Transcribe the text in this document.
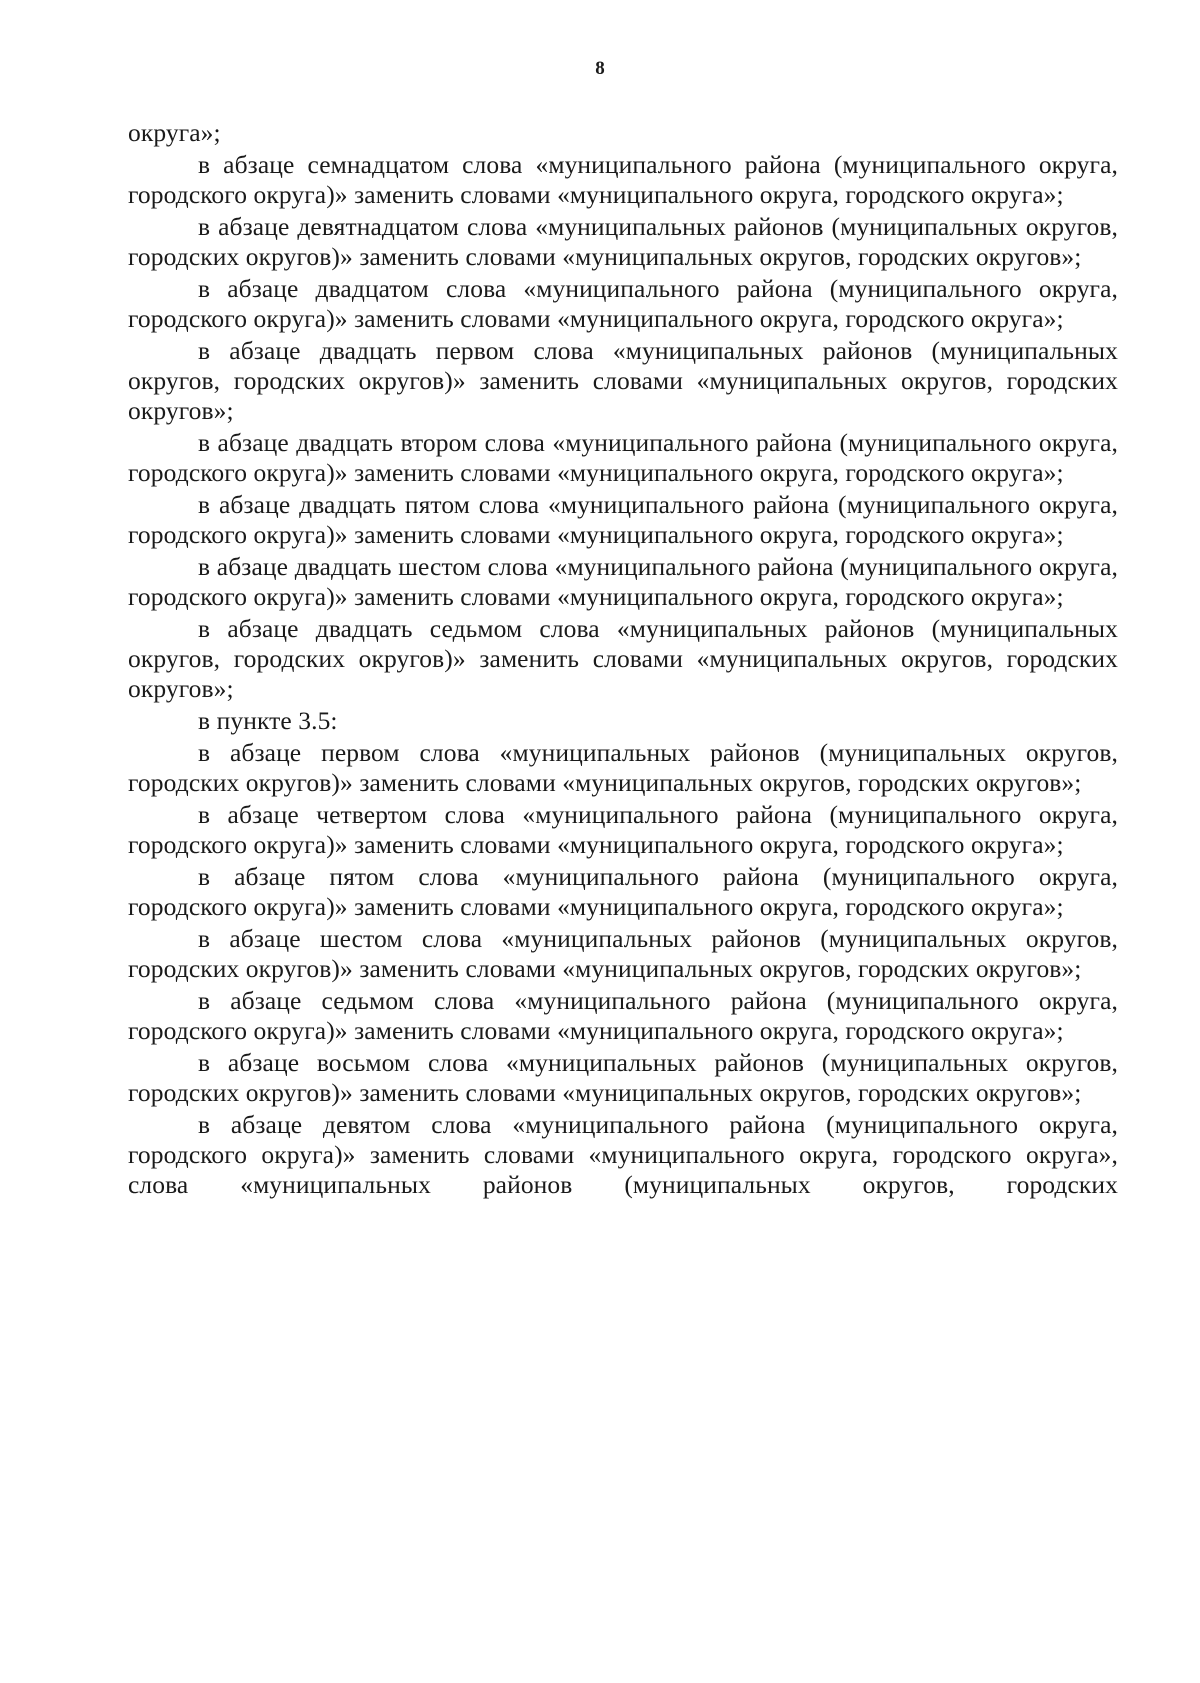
8

округа»;

в абзаце семнадцатом слова «муниципального района (муниципального округа, городского округа)» заменить словами «муниципального округа, городского округа»;

в абзаце девятнадцатом слова «муниципальных районов (муниципальных округов, городских округов)» заменить словами «муниципальных округов, городских округов»;

в абзаце двадцатом слова «муниципального района (муниципального округа, городского округа)» заменить словами «муниципального округа, городского округа»;

в абзаце двадцать первом слова «муниципальных районов (муниципальных округов, городских округов)» заменить словами «муниципальных округов, городских округов»;

в абзаце двадцать втором слова «муниципального района (муниципального округа, городского округа)» заменить словами «муниципального округа, городского округа»;

в абзаце двадцать пятом слова «муниципального района (муниципального округа, городского округа)» заменить словами «муниципального округа, городского округа»;

в абзаце двадцать шестом слова «муниципального района (муниципального округа, городского округа)» заменить словами «муниципального округа, городского округа»;

в абзаце двадцать седьмом слова «муниципальных районов (муниципальных округов, городских округов)» заменить словами «муниципальных округов, городских округов»;

в пункте 3.5:

в абзаце первом слова «муниципальных районов (муниципальных округов, городских округов)» заменить словами «муниципальных округов, городских округов»;

в абзаце четвертом слова «муниципального района (муниципального округа, городского округа)» заменить словами «муниципального округа, городского округа»;

в абзаце пятом слова «муниципального района (муниципального округа, городского округа)» заменить словами «муниципального округа, городского округа»;

в абзаце шестом слова «муниципальных районов (муниципальных округов, городских округов)» заменить словами «муниципальных округов, городских округов»;

в абзаце седьмом слова «муниципального района (муниципального округа, городского округа)» заменить словами «муниципального округа, городского округа»;

в абзаце восьмом слова «муниципальных районов (муниципальных округов, городских округов)» заменить словами «муниципальных округов, городских округов»;

в абзаце девятом слова «муниципального района (муниципального округа, городского округа)» заменить словами «муниципального округа, городского округа», слова «муниципальных районов (муниципальных округов, городских
